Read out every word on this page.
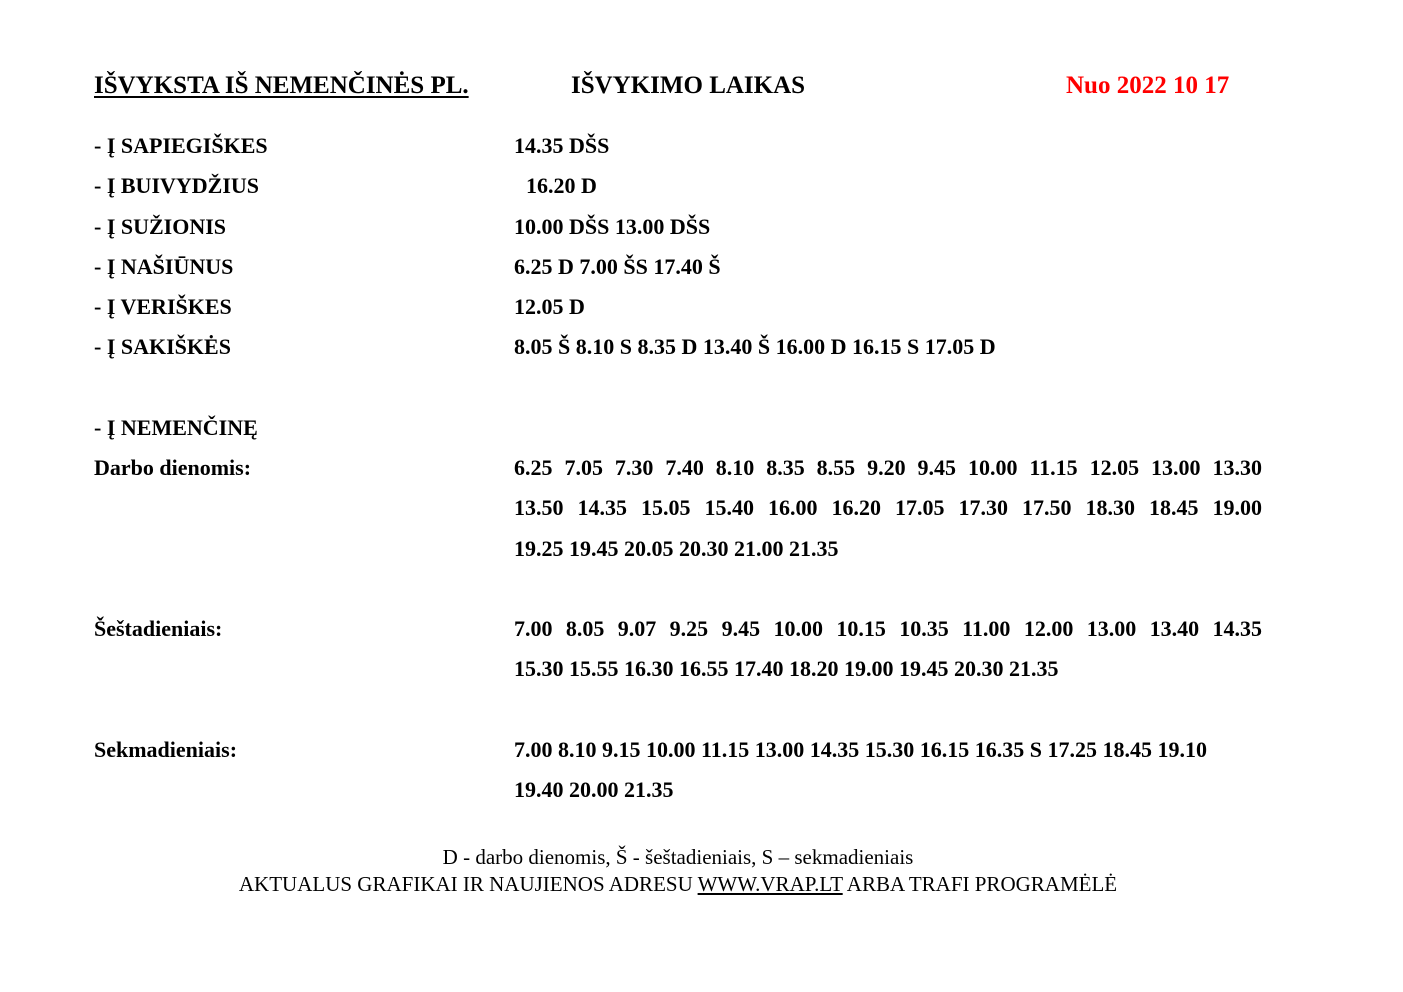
IŠVYKSTA IŠ NEMENČINĖS PL.	IŠVYKIMO LAIKAS	Nuo 2022 10 17
- Į SAPIEGIŠKES	14.35 DŠS
- Į BUIVYDŽIUS	16.20 D
- Į SUŽIONIS	10.00 DŠS 13.00 DŠS
- Į NAŠIŪNUS	6.25 D 7.00 ŠS 17.40 Š
- Į VERIŠKES	12.05 D
- Į SAKIŠKĖS	8.05 Š 8.10 S 8.35 D 13.40 Š 16.00 D 16.15 S 17.05 D
- Į NEMENČINĘ
Darbo dienomis:	6.25 7.05 7.30 7.40 8.10 8.35 8.55 9.20 9.45 10.00 11.15 12.05 13.00 13.30
13.50 14.35 15.05 15.40 16.00 16.20 17.05 17.30 17.50 18.30 18.45 19.00
19.25 19.45 20.05 20.30 21.00 21.35
Šeštadieniais:	7.00 8.05 9.07 9.25 9.45 10.00 10.15 10.35 11.00 12.00 13.00 13.40 14.35
15.30 15.55 16.30 16.55 17.40 18.20 19.00 19.45 20.30 21.35
Sekmadieniais:	7.00 8.10 9.15 10.00 11.15 13.00 14.35 15.30 16.15 16.35 S 17.25 18.45 19.10
19.40 20.00 21.35
D - darbo dienomis, Š - šeštadieniais, S – sekmadieniais
AKTUALUS GRAFIKAI IR NAUJIENOS ADRESU WWW.VRAP.LT ARBA TRAFI PROGRAMĖLĖ
